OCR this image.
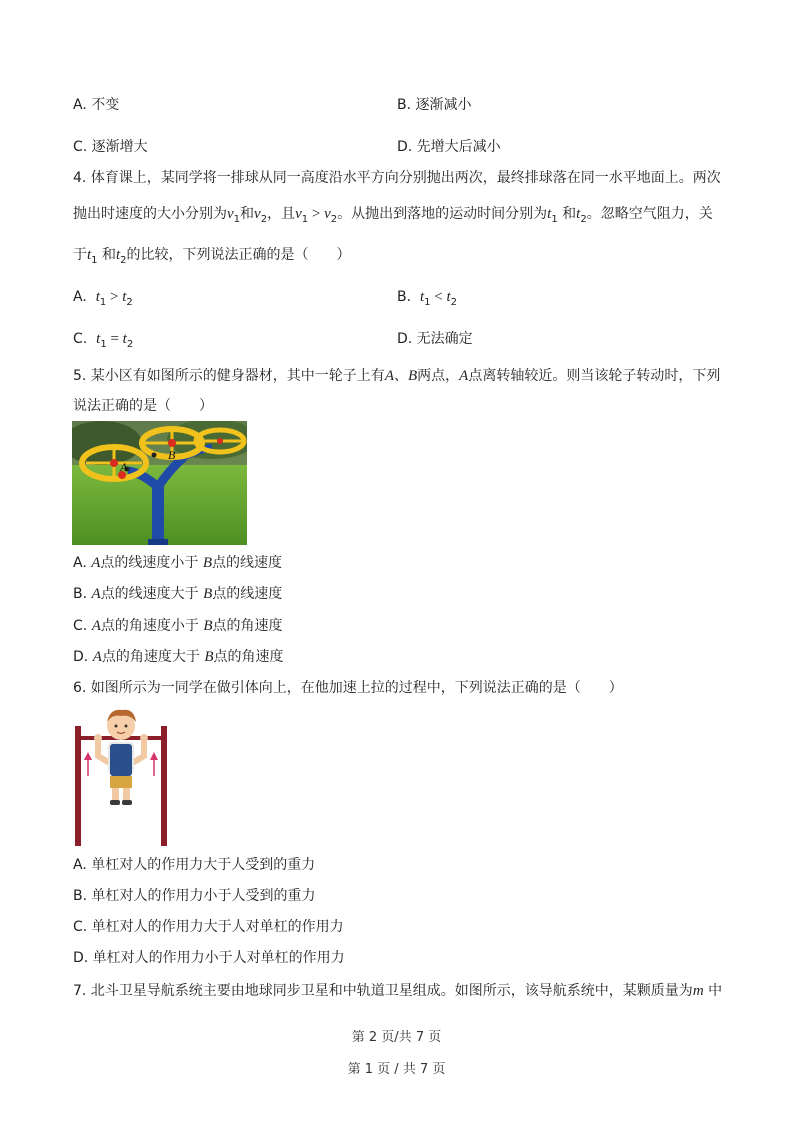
A. 不变	B. 逐渐减小
C. 逐渐增大	D. 先增大后减小
4. 体育课上，某同学将一排球从同一高度沿水平方向分别抛出两次，最终排球落在同一水平地面上。两次
抛出时速度的大小分别为$v_1$和$v_2$，且$v_1 > v_2$。从抛出到落地的运动时间分别为$t_1$ 和$t_2$。忽略空气阻力，关
于$t_1$ 和$t_2$的比较，下列说法正确的是（　　）
A. $t_1 > t_2$	B. $t_1 < t_2$
C. $t_1 = t_2$	D. 无法确定
5. 某小区有如图所示的健身器材，其中一轮子上有A、B两点，A点离转轴较近。则当该轮子转动时，下列
说法正确的是（　　）
A
B
A. A点的线速度小于 B点的线速度
B. A点的线速度大于 B点的线速度
C. A点的角速度小于 B点的角速度
D. A点的角速度大于 B点的角速度
6. 如图所示为一同学在做引体向上，在他加速上拉的过程中，下列说法正确的是（　　）
A. 单杠对人的作用力大于人受到的重力
B. 单杠对人的作用力小于人受到的重力
C. 单杠对人的作用力大于人对单杠的作用力
D. 单杠对人的作用力小于人对单杠的作用力
7. 北斗卫星导航系统主要由地球同步卫星和中轨道卫星组成。如图所示，该导航系统中，某颗质量为m 中
第 2 页/共 7 页
第 1 页 / 共 7 页
